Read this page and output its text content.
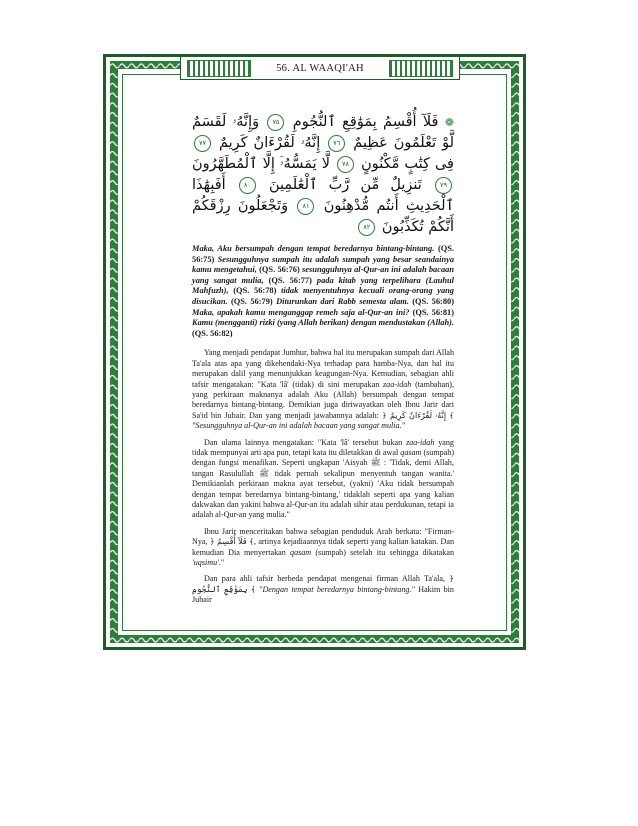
56. AL WAAQI'AH
❁ فَلَآ أُقْسِمُ بِمَوَٰقِعِ ٱلنُّجُومِ ٧٥ وَإِنَّهُۥ لَقَسَمٌ لَّوْ تَعْلَمُونَ عَظِيمٌ ٧٦ إِنَّهُۥ لَقُرْءَانٌ كَرِيمٌ ٧٧ فِى كِتَٰبٍ مَّكْنُونٍ ٧٨ لَّا يَمَسُّهُۥٓ إِلَّا ٱلْمُطَهَّرُونَ ٧٩ تَنزِيلٌ مِّن رَّبِّ ٱلْعَٰلَمِينَ ٨٠ أَفَبِهَٰذَا ٱلْحَدِيثِ أَنتُم مُّدْهِنُونَ ٨١ وَتَجْعَلُونَ رِزْقَكُمْ أَنَّكُمْ تُكَذِّبُونَ ٨٢

Maka, Aku bersumpah dengan tempat beredarnya bintang-bintang. (QS. 56:75) Sesungguhnya sumpah itu adalah sumpah yang besar seandainya kamu mengetahui, (QS. 56:76) sesungguhnya al-Qur-an ini adalah bacaan yang sangat mulia, (QS. 56:77) pada kitab yang terpelihara (Lauhul Mahfuzh), (QS. 56:78) tidak menyentuhnya kecuali orang-orang yang disucikan. (QS. 56:79) Diturunkan dari Rabb semesta alam. (QS. 56:80) Maka, apakah kamu menganggap remeh saja al-Qur-an ini? (QS. 56:81) Kamu (mengganti) rizki (yang Allah berikan) dengan mendustakan (Allah). (QS. 56:82)

Yang menjadi pendapat Jumhur, bahwa hal itu merupakan sumpah dari Allah Ta'ala atas apa yang dikehendaki-Nya terhadap para hamba-Nya, dan hal itu merupakan dalil yang menunjukkan keagungan-Nya. Kemudian, sebagian ahli tafsir mengatakan: "Kata 'lâ' (tidak) di sini merupakan zaa-idah (tambahan), yang perkiraan maknanya adalah Aku (Allah) bersumpah dengan tempat beredarnya bintang-bintang. Demikian juga diriwayatkan oleh Ibnu Jarir dari Sa'id bin Jubair. Dan yang menjadi jawabannya adalah: ﴿ إِنَّهُۥ لَقُرْءَانٌ كَرِيمٌ ﴾ "Sesungguhnya al-Qur-an ini adalah bacaan yang sangat mulia."

Dan ulama lainnya mengatakan: "Kata 'lâ' tersebut bukan zaa-idah yang tidak mempunyai arti apa pun, tetapi kata itu diletakkan di awal qasam (sumpah) dengan fungsi menafikan. Seperti ungkapan 'Aisyah ﷺ : 'Tidak, demi Allah, tangan Rasulullah ﷺ tidak pernah sekalipun menyentuh tangan wanita.' Demikianlah perkiraan makna ayat tersebut, (yakni) 'Aku tidak bersumpah dengan tempat beredarnya bintang-bintang,' tidaklah seperti apa yang kalian dakwakan dan yakini bahwa al-Qur-an itu adalah sihir atau perdukunan, tetapi ia adalah al-Qur-an yang mulia."

Ibnu Jarir menceritakan bahwa sebagian penduduk Arab berkata: "Firman-Nya, ﴿ فَلَآ أُقْسِمُ ﴾, artinya kejadiaannya tidak seperti yang kalian katakan. Dan kemudian Dia menyertakan qasam (sumpah) setelah itu sehingga dikatakan 'uqsimu'."

Dan para ahli tafsir berbeda pendapat mengenai firman Allah Ta'ala, ﴿ بِمَوَٰقِعِ ٱلنُّجُومِ ﴾ "Dengan tempat beredarnya bintang-bintang." Hakim bin Jubair
